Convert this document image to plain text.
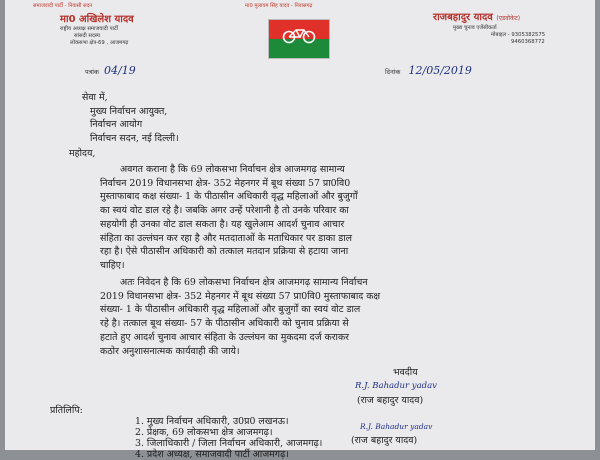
समाजवादी पार्टी - निवासी सदन	मा0 मुलायम सिंह यादव - निवासगढ़
मा0 अखिलेश यादव
राष्ट्रीय अध्यक्ष समाजवादी पार्टी
सांसदी सदस्य
लोकसभा क्षेत्र-69 , आजमगढ़
राजबहादुर यादव (एडवोकेट)
मुख्य चुनाव एजेंसीकर्ता
मोबाइल - 9305382575
9460368772
पत्रांक 04/19	दिनांक 12/05/2019
सेवा में,
मुख्य निर्वाचन आयुक्त,
निर्वाचन आयोग
निर्वाचन सदन, नई दिल्ली।
महोदय,
अवगत कराना है कि 69 लोकसभा निर्वाचन क्षेत्र आजमगढ़ सामान्य
निर्वाचन 2019 विधानसभा क्षेत्र- 352 मेहनगर में बूथ संख्या 57 प्रा0वि0
मुस्ताफाबाद कक्ष संख्या- 1 के पीठासीन अधिकारी वृद्ध महिलाओं और बुजुर्गों
का स्वयं वोट डाल रहे है। जबकि अगर उन्हें परेशानी है तो उनके परिवार का
सहयोगी ही उनका वोट डाल सकता है। यह खुलेआम आदर्श चुनाव आचार
संहिता का उल्लंघन कर रहा है और मतदाताओं के मताधिकार पर डाका डाल
रहा है। ऐसे पीठासीन अधिकारी को तत्काल मतदान प्रक्रिया से हटाया जाना
चाहिए।
अतः निवेदन है कि 69 लोकसभा निर्वाचन क्षेत्र आजमगढ़ सामान्य निर्वाचन
2019 विधानसभा क्षेत्र- 352 मेहनगर में बूथ संख्या 57 प्रा0वि0 मुस्ताफाबाद कक्ष
संख्या- 1 के पीठासीन अधिकारी वृद्ध महिलाओं और बुजुर्गों का स्वयं वोट डाल
रहे है। तत्काल बूथ संख्या- 57 के पीठासीन अधिकारी को चुनाव प्रक्रिया से
हटाते हुए आदर्श चुनाव आचार संहिता के उल्लंघन का मुकदमा दर्ज कराकर
कठोर अनुशासनात्मक कार्यवाही की जाये।
भवदीय
R.J. Bahadur yadav
(राज बहादुर यादव)
प्रतिलिपि:
1. मुख्य निर्वाचन अधिकारी, उ0प्र0 लखनऊ।
2. प्रेक्षक, 69 लोकसभा क्षेत्र आजमगढ़।
3. जिलाधिकारी / जिला निर्वाचन अधिकारी, आजमगढ़।
4. प्रदेश अध्यक्ष, समाजवादी पार्टी आजमगढ़।
R.J. Bahadur yadav
(राज बहादुर यादव)
